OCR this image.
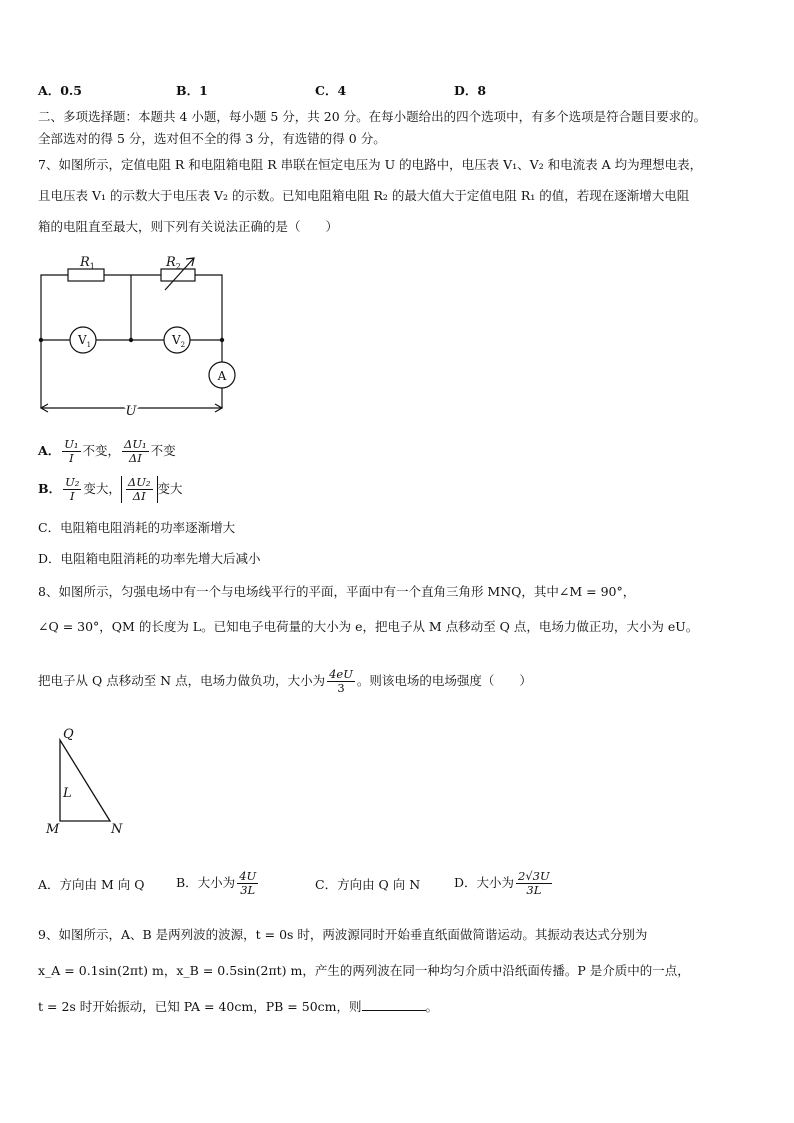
A．0.5	B．1	C．4	D．8
二、多项选择题：本题共 4 小题，每小题 5 分，共 20 分。在每小题给出的四个选项中，有多个选项是符合题目要求的。
全部选对的得 5 分，选对但不全的得 3 分，有选错的得 0 分。
7、如图所示，定值电阻 R 和电阻箱电阻 R 串联在恒定电压为 U 的电路中，电压表 V₁、V₂ 和电流表 A 均为理想电表，
且电压表 V₁ 的示数大于电压表 V₂ 的示数。已知电阻箱电阻 R₂ 的最大值大于定值电阻 R₁ 的值，若现在逐渐增大电阻
箱的电阻直至最大，则下列有关说法正确的是（　　）
$R_1$	$R_2$
U
$V_1$	$V_2$
A
A． $\frac{\text{U₁}}{I}$ 不变， $\frac{\text{ΔU₁}}{\Delta I}$ 不变
B． $\frac{\text{U₂}}{I}$ 变大， $\frac{\text{ΔU₂}}{\Delta I}$ 变大
C．电阻箱电阻消耗的功率逐渐增大
D．电阻箱电阻消耗的功率先增大后减小
8、如图所示，匀强电场中有一个与电场线平行的平面，平面中有一个直角三角形 MNQ，其中∠M = 90°，
∠Q = 30°，QM 的长度为 L。已知电子电荷量的大小为 e，把电子从 M 点移动至 Q 点，电场力做正功，大小为 eU。
把电子从 Q 点移动至 N 点，电场力做负功，大小为 $\frac{4eU}{3}$ 。则该电场的电场强度（　　）
Q
L
M	N
A．方向由 M 向 Q	B．大小为 $\frac{4U}{3L}$	C．方向由 Q 向 N	D．大小为 $\frac{2√3U}{3L}$
9、如图所示，A、B 是两列波的波源，t = 0s 时，两波源同时开始垂直纸面做简谐运动。其振动表达式分别为
x_A = 0.1sin(2πt) m，x_B = 0.5sin(2πt) m，产生的两列波在同一种均匀介质中沿纸面传播。P 是介质中的一点，
t = 2s 时开始振动，已知 PA = 40cm，PB = 50cm，则	。
